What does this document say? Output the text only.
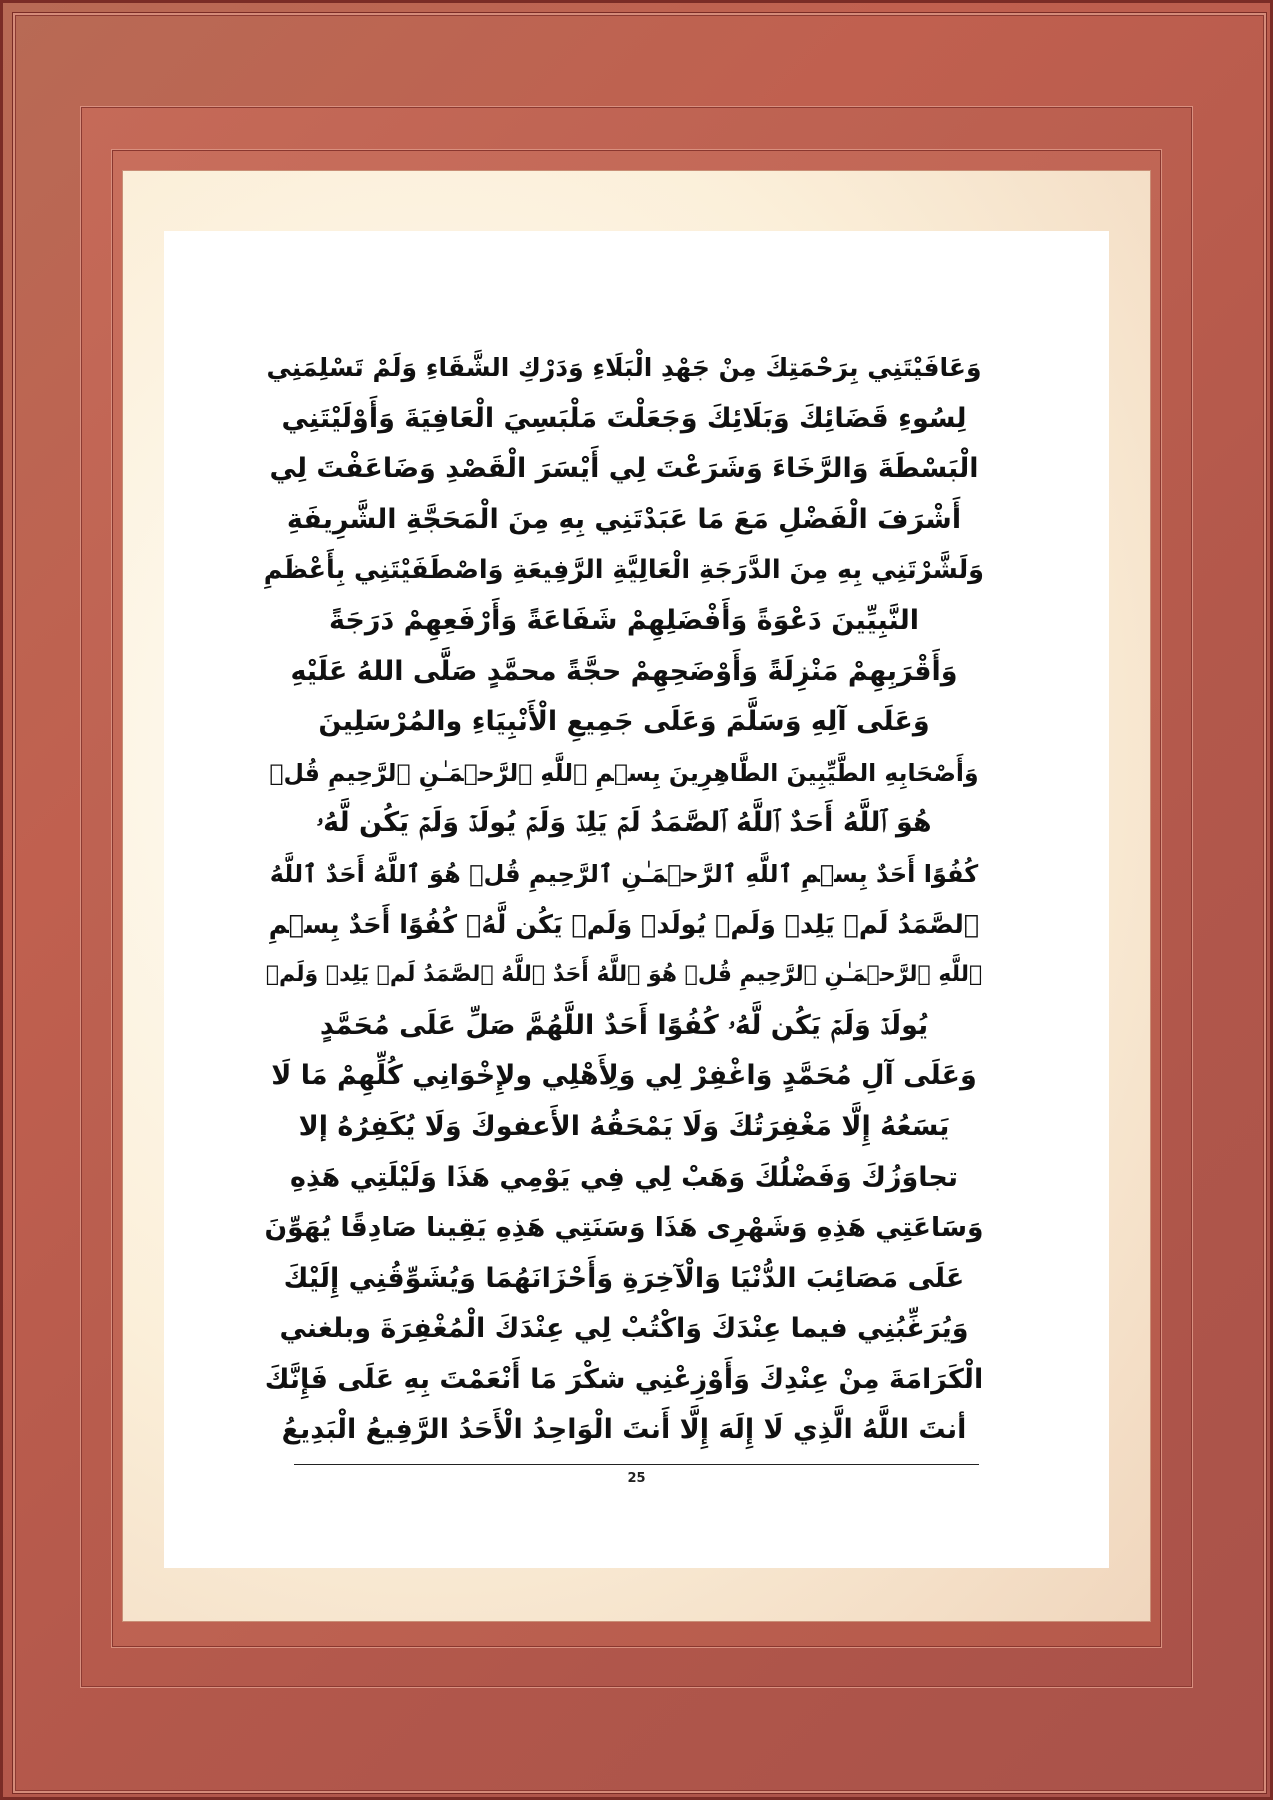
وَعَافَيْتَنِي بِرَحْمَتِكَ مِنْ جَهْدِ الْبَلَاءِ وَدَرْكِ الشَّقَاءِ وَلَمْ تَسْلِمَنِي
لِسُوءِ قَضَائِكَ وَبَلَائِكَ وَجَعَلْتَ مَلْبَسِيَ الْعَافِيَةَ وَأَوْلَيْتَنِي
الْبَسْطَةَ وَالرَّخَاءَ وَشَرَعْتَ لِي أَيْسَرَ الْقَصْدِ وَضَاعَفْتَ لِي
أَشْرَفَ الْفَضْلِ مَعَ مَا عَبَدْتَنِي بِهِ مِنَ الْمَحَجَّةِ الشَّرِيفَةِ
وَلَشَّرْتَنِي بِهِ مِنَ الدَّرَجَةِ الْعَالِيَّةِ الرَّفِيعَةِ وَاصْطَفَيْتَنِي بِأَعْظَمِ
النَّبِيِّينَ دَعْوَةً وَأَفْضَلِهِمْ شَفَاعَةً وَأَرْفَعِهِمْ دَرَجَةً
وَأَقْرَبِهِمْ مَنْزِلَةً وَأَوْضَحِهِمْ حجَّةً محمَّدٍ صَلَّى اللهُ عَلَيْهِ
وَعَلَى آلِهِ وَسَلَّمَ وَعَلَى جَمِيعِ الْأَنْبِيَاءِ والمُرْسَلِينَ
وَأَصْحَابِهِ الطَّيِّبِينَ الطَّاهِرِينَ بِسۡمِ ٱللَّهِ ٱلرَّحۡمَـٰنِ ٱلرَّحِيمِ قُلۡ
هُوَ ٱللَّهُ أَحَدٌ ٱللَّهُ ٱلصَّمَدُ لَمۡ يَلِدۡ وَلَمۡ يُولَدۡ وَلَمۡ يَكُن لَّهُۥ
كُفُوًا أَحَدٌ بِسۡمِ ٱللَّهِ ٱلرَّحۡمَـٰنِ ٱلرَّحِيمِ قُلۡ هُوَ ٱللَّهُ أَحَدٌ ٱللَّهُ
ٱلصَّمَدُ لَمۡ يَلِدۡ وَلَمۡ يُولَدۡ وَلَمۡ يَكُن لَّهُۥ كُفُوًا أَحَدٌ بِسۡمِ
ٱللَّهِ ٱلرَّحۡمَـٰنِ ٱلرَّحِيمِ قُلۡ هُوَ ٱللَّهُ أَحَدٌ ٱللَّهُ ٱلصَّمَدُ لَمۡ يَلِدۡ وَلَمۡ
يُولَدۡ وَلَمۡ يَكُن لَّهُۥ كُفُوًا أَحَدٌ اللَّهُمَّ صَلِّ عَلَى مُحَمَّدٍ
وَعَلَى آلِ مُحَمَّدٍ وَاغْفِرْ لِي وَلِأَهْلِي ولإِخْوَانِي كُلِّهِمْ مَا لَا
يَسَعُهُ إِلَّا مَغْفِرَتُكَ وَلَا يَمْحَقُهُ الأَعفوكَ وَلَا يُكَفِرُهُ إلا
تجاوَزُكَ وَفَضْلُكَ وَهَبْ لِي فِي يَوْمِي هَذَا وَلَيْلَتِي هَذِهِ
وَسَاعَتِي هَذِهِ وَشَهْرِى هَذَا وَسَنَتِي هَذِهِ يَقِينا صَادِقًا يُهَوِّنَ
عَلَى مَصَائِبَ الدُّنْيَا وَالْآخِرَةِ وَأَحْزَانَهُمَا وَيُشَوِّقُنِي إِلَيْكَ
وَيُرَغِّبُنِي فيما عِنْدَكَ وَاكْتُبْ لِي عِنْدَكَ الْمُغْفِرَةَ وبلغني
الْكَرَامَةَ مِنْ عِنْدِكَ وَأَوْزِعْنِي شكْرَ مَا أَنْعَمْتَ بِهِ عَلَى فَإِنَّكَ
أنتَ اللَّهُ الَّذِي لَا إِلَهَ إِلَّا أَنتَ الْوَاحِدُ الْأَحَدُ الرَّفِيعُ الْبَدِيعُ
25
